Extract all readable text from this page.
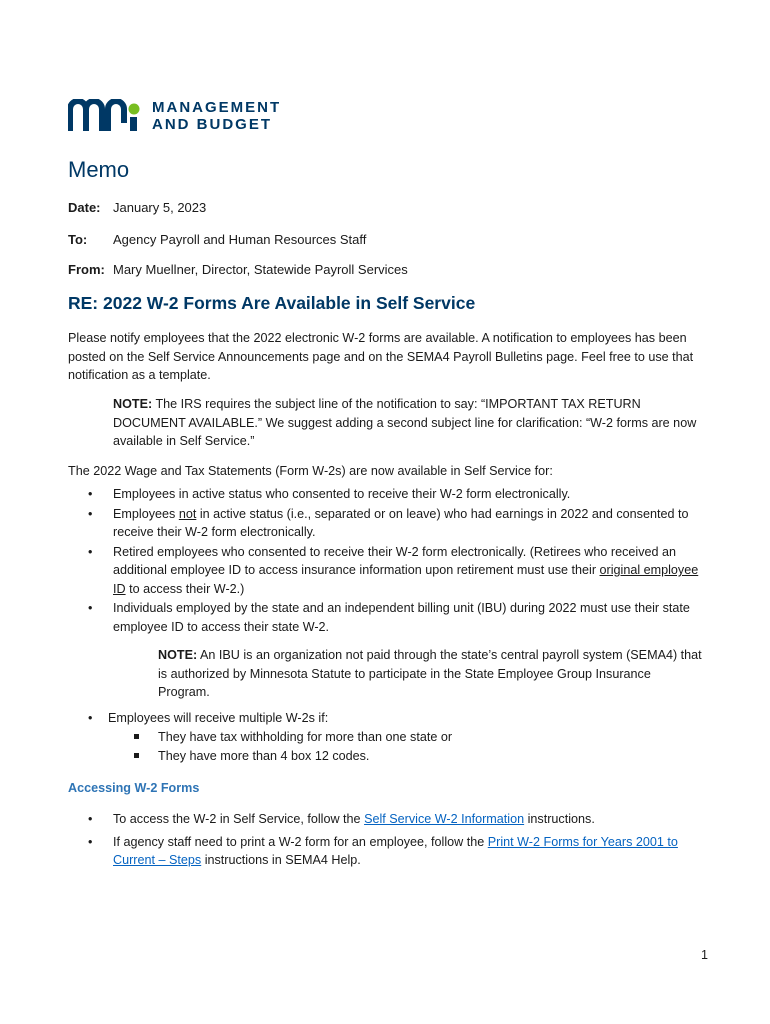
MANAGEMENT
AND BUDGET
Memo
Date: January 5, 2023
To:	Agency Payroll and Human Resources Staff
From: Mary Muellner, Director, Statewide Payroll Services
RE: 2022 W-2 Forms Are Available in Self Service
Please notify employees that the 2022 electronic W-2 forms are available. A notification to employees has been posted on the Self Service Announcements page and on the SEMA4 Payroll Bulletins page. Feel free to use that notification as a template.
NOTE: The IRS requires the subject line of the notification to say: “IMPORTANT TAX RETURN DOCUMENT AVAILABLE.” We suggest adding a second subject line for clarification: “W-2 forms are now available in Self Service.”
The 2022 Wage and Tax Statements (Form W-2s) are now available in Self Service for:
• Employees in active status who consented to receive their W-2 form electronically.
• Employees not in active status (i.e., separated or on leave) who had earnings in 2022 and consented to receive their W-2 form electronically.
• Retired employees who consented to receive their W-2 form electronically. (Retirees who received an additional employee ID to access insurance information upon retirement must use their original employee ID to access their W-2.)
• Individuals employed by the state and an independent billing unit (IBU) during 2022 must use their state employee ID to access their state W-2.
NOTE: An IBU is an organization not paid through the state’s central payroll system (SEMA4) that is authorized by Minnesota Statute to participate in the State Employee Group Insurance Program.
• Employees will receive multiple W-2s if:
They have tax withholding for more than one state or
They have more than 4 box 12 codes.
Accessing W-2 Forms
• To access the W-2 in Self Service, follow the Self Service W-2 Information instructions.
• If agency staff need to print a W-2 form for an employee, follow the Print W-2 Forms for Years 2001 to Current – Steps instructions in SEMA4 Help.
1
